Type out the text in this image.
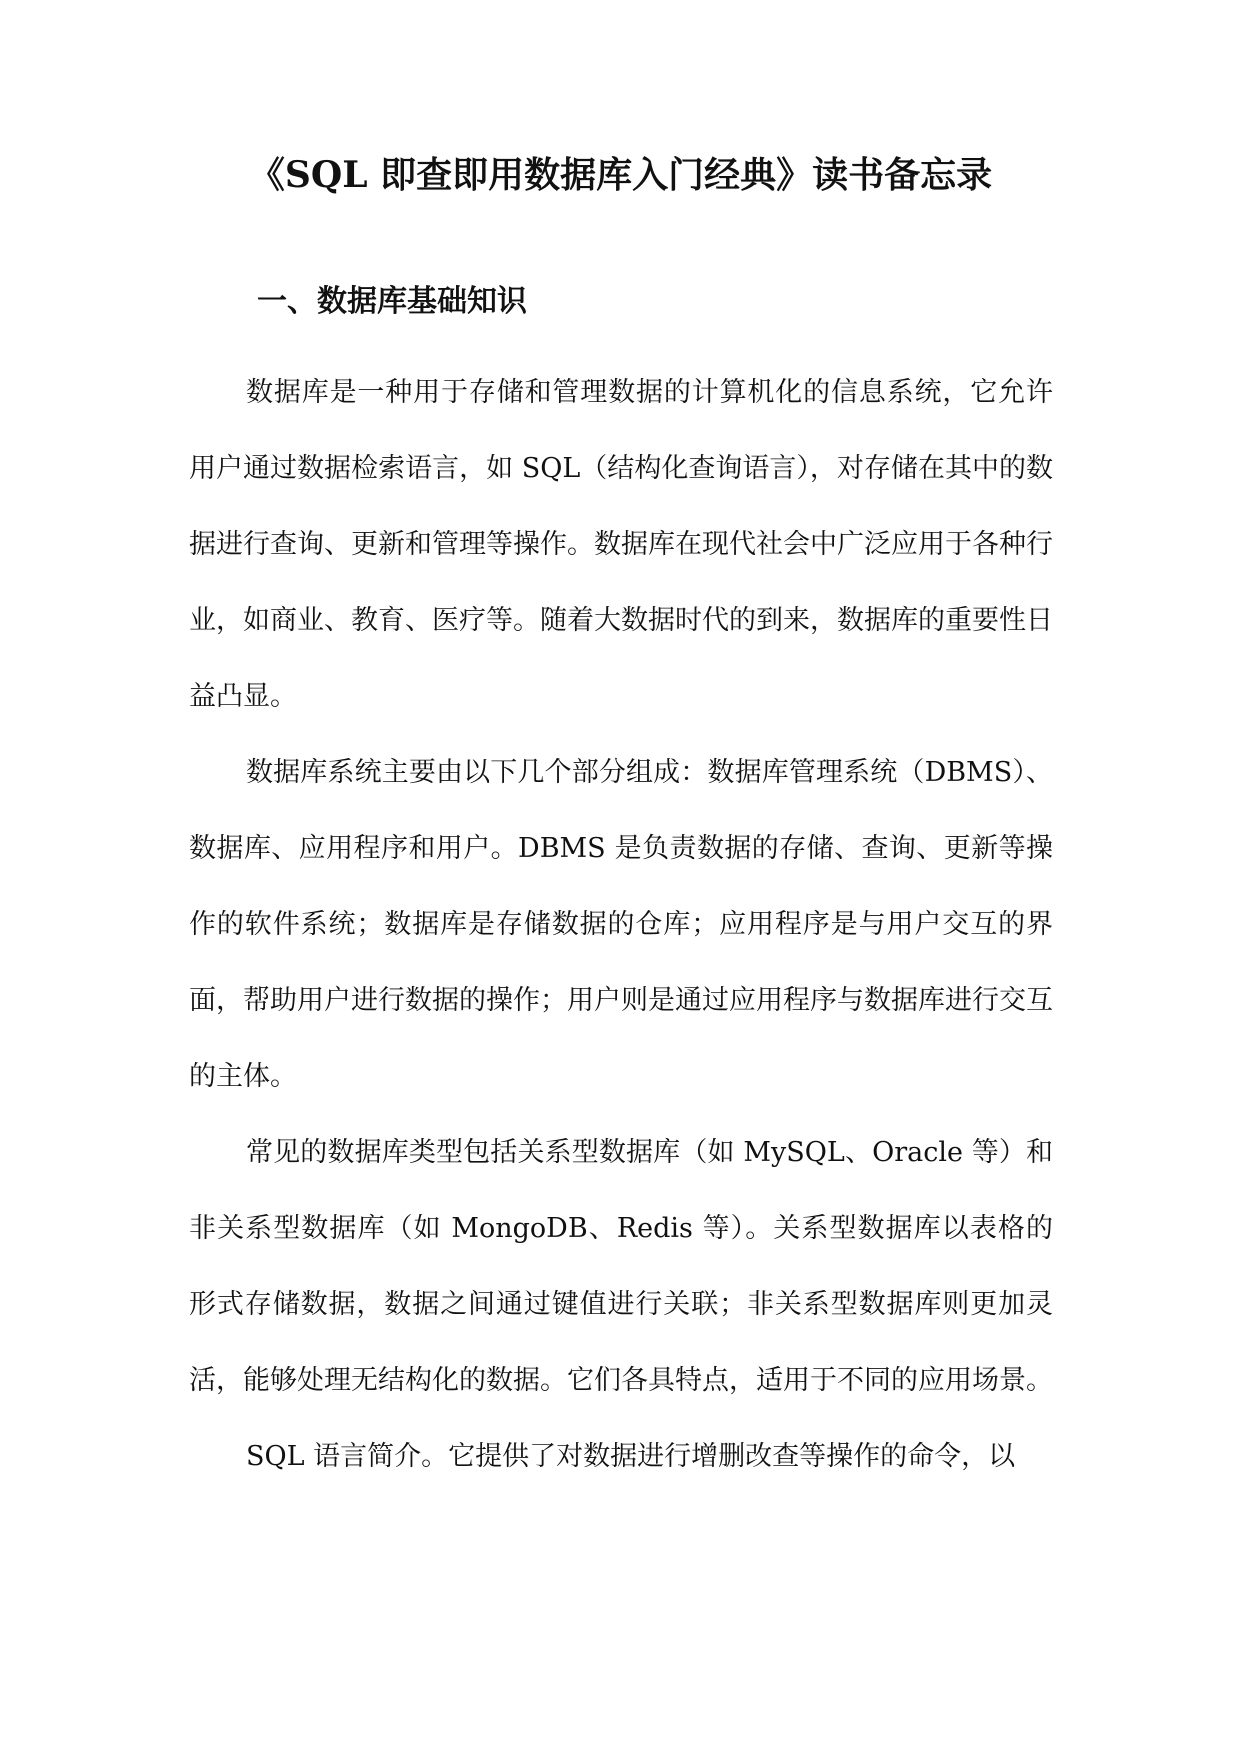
《SQL 即查即用数据库入门经典》读书备忘录
一、数据库基础知识

数据库是一种用于存储和管理数据的计算机化的信息系统，它允许用户通过数据检索语言，如 SQL（结构化查询语言），对存储在其中的数据进行查询、更新和管理等操作。数据库在现代社会中广泛应用于各种行业，如商业、教育、医疗等。随着大数据时代的到来，数据库的重要性日益凸显。

数据库系统主要由以下几个部分组成：数据库管理系统（DBMS）、数据库、应用程序和用户。DBMS 是负责数据的存储、查询、更新等操作的软件系统；数据库是存储数据的仓库；应用程序是与用户交互的界面，帮助用户进行数据的操作；用户则是通过应用程序与数据库进行交互的主体。

常见的数据库类型包括关系型数据库（如 MySQL、Oracle 等）和非关系型数据库（如 MongoDB、Redis 等）。关系型数据库以表格的形式存储数据，数据之间通过键值进行关联；非关系型数据库则更加灵活，能够处理无结构化的数据。它们各具特点，适用于不同的应用场景。

SQL 语言简介。它提供了对数据进行增删改查等操作的命令，以
